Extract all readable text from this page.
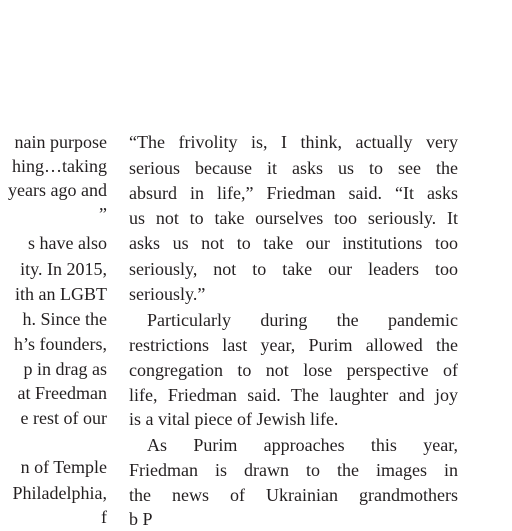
nain purpose
hing…taking
years ago and
”
s have also
ity. In 2015,
ith an LGBT
h. Since the
h’s founders,
p in drag as
at Freedman
e rest of our
n of Temple
Philadelphia,
f
“The frivolity is, I think, actually very
serious because it asks us to see the
absurd in life,” Friedman said. “It asks
us not to take ourselves too seriously. It
asks us not to take our institutions too
seriously, not to take our leaders too
seriously.”
Particularly during the pandemic
restrictions last year, Purim allowed the
congregation to not lose perspective of
life, Friedman said. The laughter and joy
is a vital piece of Jewish life.
As Purim approaches this year,
Friedman is drawn to the images in
the news of Ukrainian grandmothers
b P
